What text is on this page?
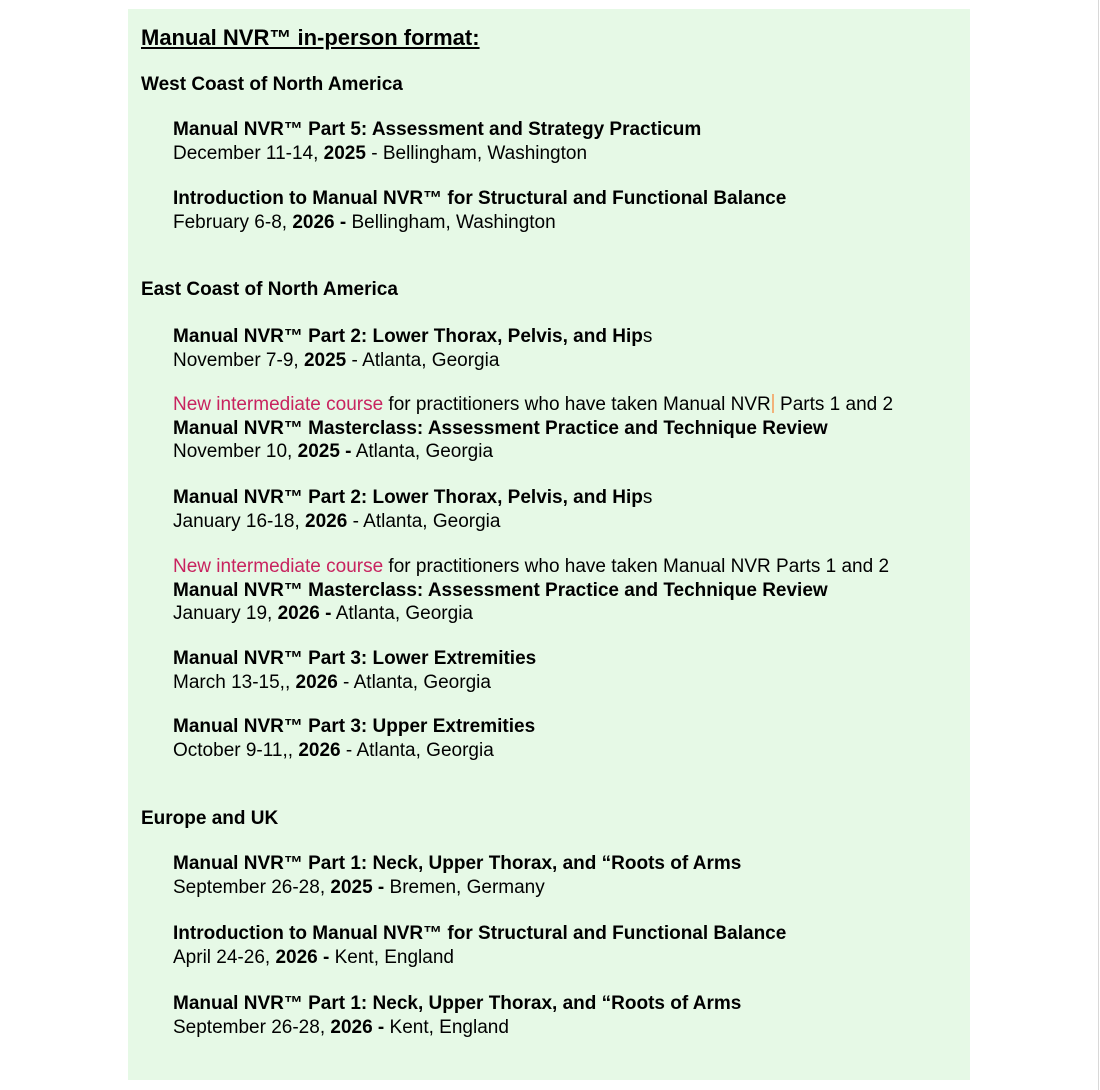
Manual NVR™ in-person format:
West Coast of North America
Manual NVR™ Part 5: Assessment and Strategy Practicum
December 11-14, 2025 - Bellingham, Washington
Introduction to Manual NVR™ for Structural and Functional Balance
February 6-8, 2026 - Bellingham, Washington
East Coast of North America
Manual NVR™ Part 2: Lower Thorax, Pelvis, and Hips
November 7-9, 2025 - Atlanta, Georgia
New intermediate course for practitioners who have taken Manual NVR Parts 1 and 2
Manual NVR™ Masterclass: Assessment Practice and Technique Review
November 10, 2025 - Atlanta, Georgia
Manual NVR™ Part 2: Lower Thorax, Pelvis, and Hips
January 16-18, 2026 - Atlanta, Georgia
New intermediate course for practitioners who have taken Manual NVR Parts 1 and 2
Manual NVR™ Masterclass: Assessment Practice and Technique Review
January 19, 2026 - Atlanta, Georgia
Manual NVR™ Part 3: Lower Extremities
March 13-15,, 2026 - Atlanta, Georgia
Manual NVR™ Part 3: Upper Extremities
October 9-11,, 2026 - Atlanta, Georgia
Europe and UK
Manual NVR™ Part 1: Neck, Upper Thorax, and “Roots of Arms
September 26-28, 2025 - Bremen, Germany
Introduction to Manual NVR™ for Structural and Functional Balance
April 24-26, 2026 - Kent, England
Manual NVR™ Part 1: Neck, Upper Thorax, and “Roots of Arms
September 26-28, 2026 - Kent, England
